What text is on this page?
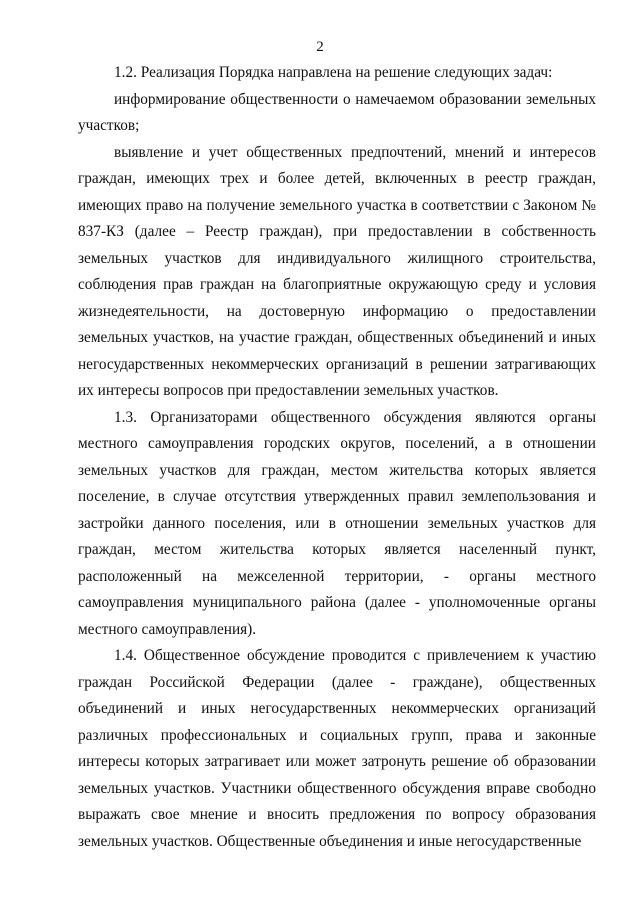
2

1.2. Реализация Порядка направлена на решение следующих задач:

информирование общественности о намечаемом образовании земельных участков;

выявление и учет общественных предпочтений, мнений и интересов граждан, имеющих трех и более детей, включенных в реестр граждан, имеющих право на получение земельного участка в соответствии с Законом № 837-КЗ (далее – Реестр граждан), при предоставлении в собственность земельных участков для индивидуального жилищного строительства, соблюдения прав граждан на благоприятные окружающую среду и условия жизнедеятельности, на достоверную информацию о предоставлении земельных участков, на участие граждан, общественных объединений и иных негосударственных некоммерческих организаций в решении затрагивающих их интересы вопросов при предоставлении земельных участков.

1.3. Организаторами общественного обсуждения являются органы местного самоуправления городских округов, поселений, а в отношении земельных участков для граждан, местом жительства которых является поселение, в случае отсутствия утвержденных правил землепользования и застройки данного поселения, или в отношении земельных участков для граждан, местом жительства которых является населенный пункт, расположенный на межселенной территории, - органы местного самоуправления муниципального района (далее - уполномоченные органы местного самоуправления).

1.4. Общественное обсуждение проводится с привлечением к участию граждан Российской Федерации (далее - граждане), общественных объединений и иных негосударственных некоммерческих организаций различных профессиональных и социальных групп, права и законные интересы которых затрагивает или может затронуть решение об образовании земельных участков. Участники общественного обсуждения вправе свободно выражать свое мнение и вносить предложения по вопросу образования земельных участков. Общественные объединения и иные негосударственные
